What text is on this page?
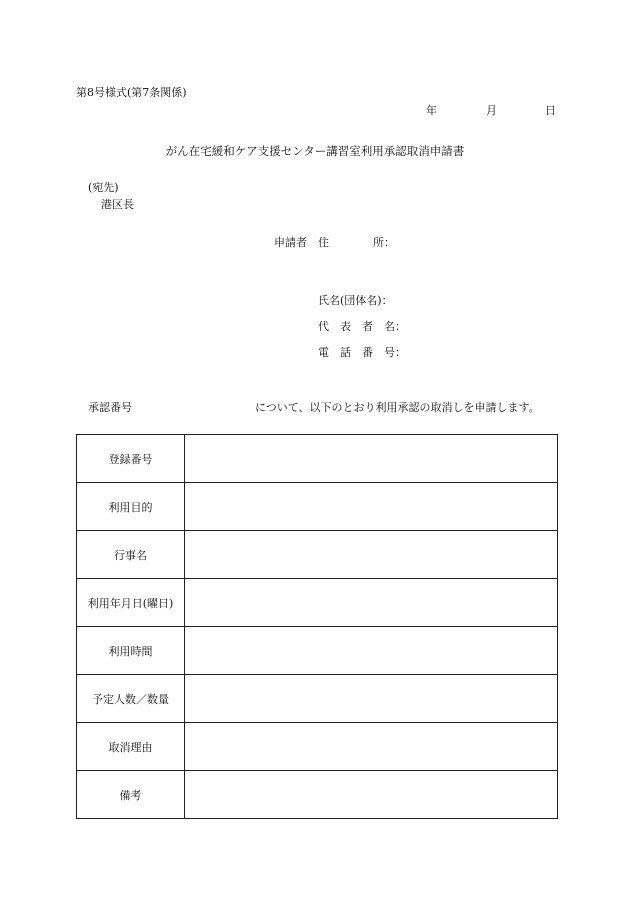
第8号様式(第7条関係)
年	月	日
がん在宅緩和ケア支援センター講習室利用承認取消申請書
(宛先)
港区長
申請者 住　　　　所：
氏名(団体名)：
代　表　者　名：
電　話　番　号：
承認番号	について、以下のとおり利用承認の取消しを申請します。
登録番号	
利用目的	
行事名	
利用年月日(曜日)	
利用時間	
予定人数／数量	
取消理由	
備考	
